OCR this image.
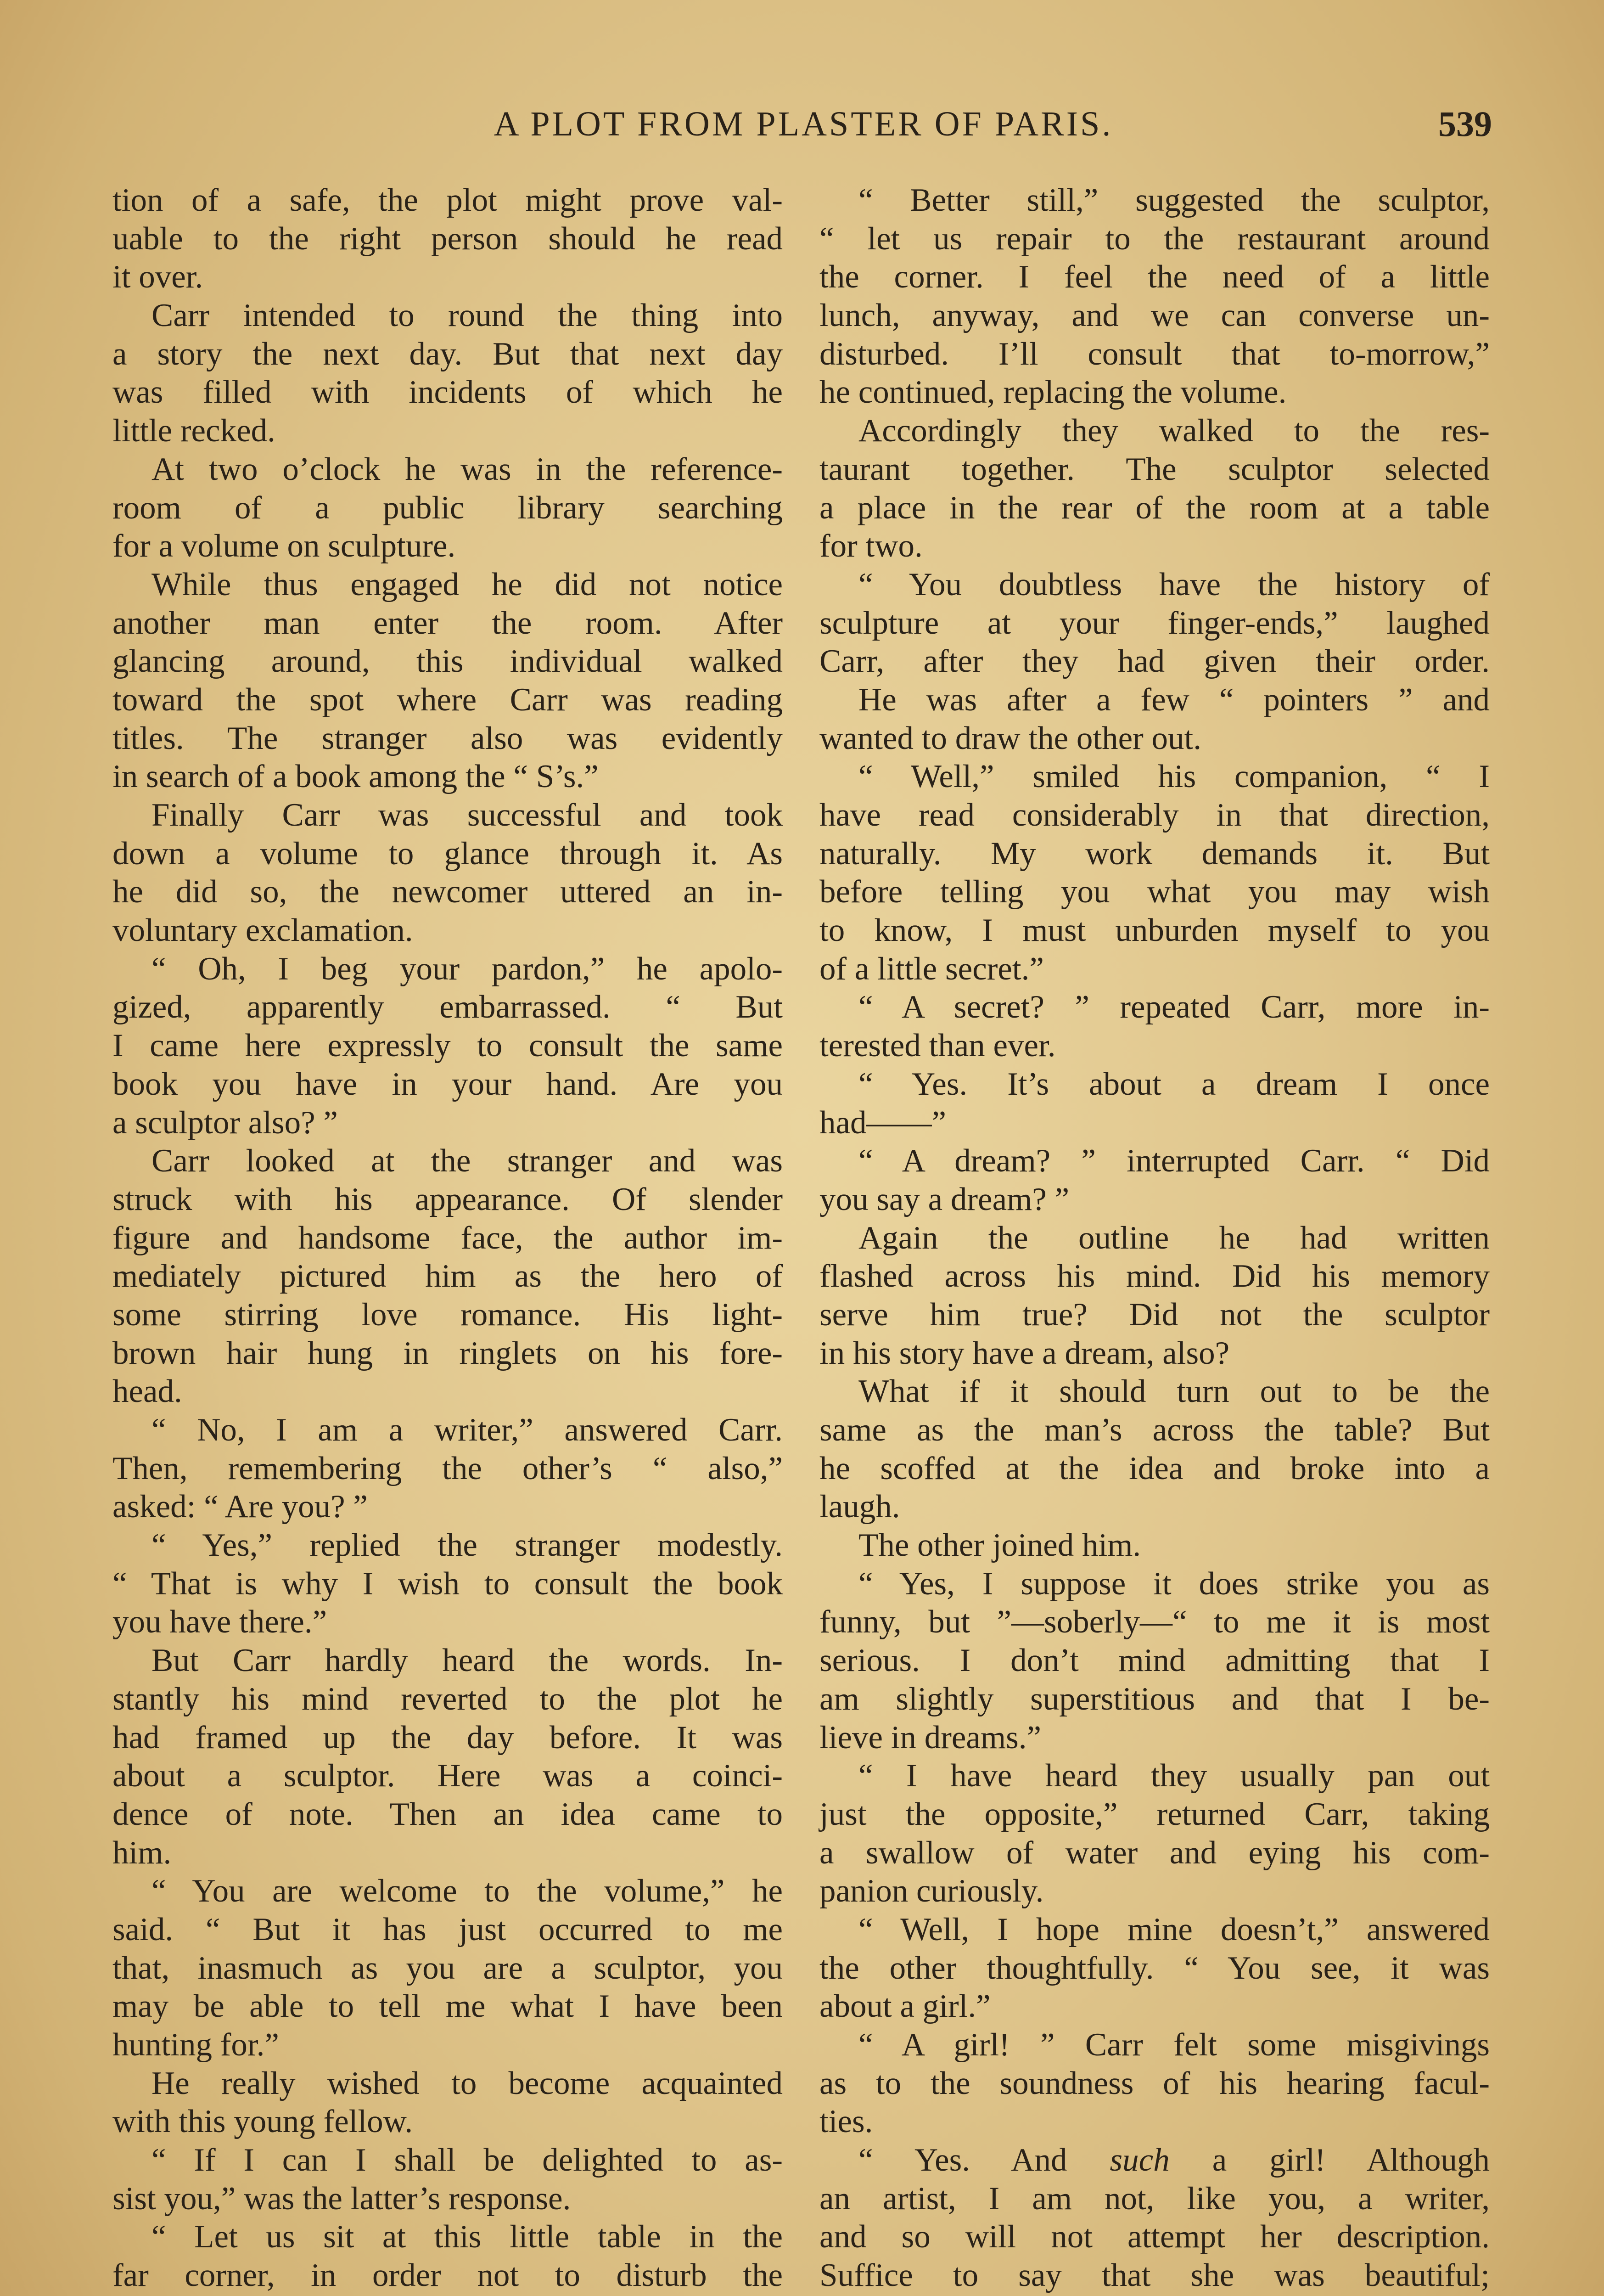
A PLOT FROM PLASTER OF PARIS.	539
tion of a safe, the plot might prove val-
uable to the right person should he read
it over.
Carr intended to round the thing into
a story the next day. But that next day
was filled with incidents of which he
little recked.
At two o’clock he was in the reference-
room of a public library searching
for a volume on sculpture.
While thus engaged he did not notice
another man enter the room. After
glancing around, this individual walked
toward the spot where Carr was reading
titles. The stranger also was evidently
in search of a book among the “ S’s.”
Finally Carr was successful and took
down a volume to glance through it. As
he did so, the newcomer uttered an in-
voluntary exclamation.
“ Oh, I beg your pardon,” he apolo-
gized, apparently embarrassed. “ But
I came here expressly to consult the same
book you have in your hand. Are you
a sculptor also? ”
Carr looked at the stranger and was
struck with his appearance. Of slender
figure and handsome face, the author im-
mediately pictured him as the hero of
some stirring love romance. His light-
brown hair hung in ringlets on his fore-
head.
“ No, I am a writer,” answered Carr.
Then, remembering the other’s “ also,”
asked: “ Are you? ”
“ Yes,” replied the stranger modestly.
“ That is why I wish to consult the book
you have there.”
But Carr hardly heard the words. In-
stantly his mind reverted to the plot he
had framed up the day before. It was
about a sculptor. Here was a coinci-
dence of note. Then an idea came to
him.
“ You are welcome to the volume,” he
said. “ But it has just occurred to me
that, inasmuch as you are a sculptor, you
may be able to tell me what I have been
hunting for.”
He really wished to become acquainted
with this young fellow.
“ If I can I shall be delighted to as-
sist you,” was the latter’s response.
“ Let us sit at this little table in the
far corner, in order not to disturb the
“ Better still,” suggested the sculptor,
“ let us repair to the restaurant around
the corner. I feel the need of a little
lunch, anyway, and we can converse un-
disturbed. I’ll consult that to-morrow,”
he continued, replacing the volume.
Accordingly they walked to the res-
taurant together. The sculptor selected
a place in the rear of the room at a table
for two.
“ You doubtless have the history of
sculpture at your finger-ends,” laughed
Carr, after they had given their order.
He was after a few “ pointers ” and
wanted to draw the other out.
“ Well,” smiled his companion, “ I
have read considerably in that direction,
naturally. My work demands it. But
before telling you what you may wish
to know, I must unburden myself to you
of a little secret.”
“ A secret? ” repeated Carr, more in-
terested than ever.
“ Yes. It’s about a dream I once
had——”
“ A dream? ” interrupted Carr. “ Did
you say a dream? ”
Again the outline he had written
flashed across his mind. Did his memory
serve him true? Did not the sculptor
in his story have a dream, also?
What if it should turn out to be the
same as the man’s across the table? But
he scoffed at the idea and broke into a
laugh.
The other joined him.
“ Yes, I suppose it does strike you as
funny, but ”—soberly—“ to me it is most
serious. I don’t mind admitting that I
am slightly superstitious and that I be-
lieve in dreams.”
“ I have heard they usually pan out
just the opposite,” returned Carr, taking
a swallow of water and eying his com-
panion curiously.
“ Well, I hope mine doesn’t,” answered
the other thoughtfully. “ You see, it was
about a girl.”
“ A girl! ” Carr felt some misgivings
as to the soundness of his hearing facul-
ties.
“ Yes. And such a girl! Although
an artist, I am not, like you, a writer,
and so will not attempt her description.
Suffice to say that she was beautiful;
